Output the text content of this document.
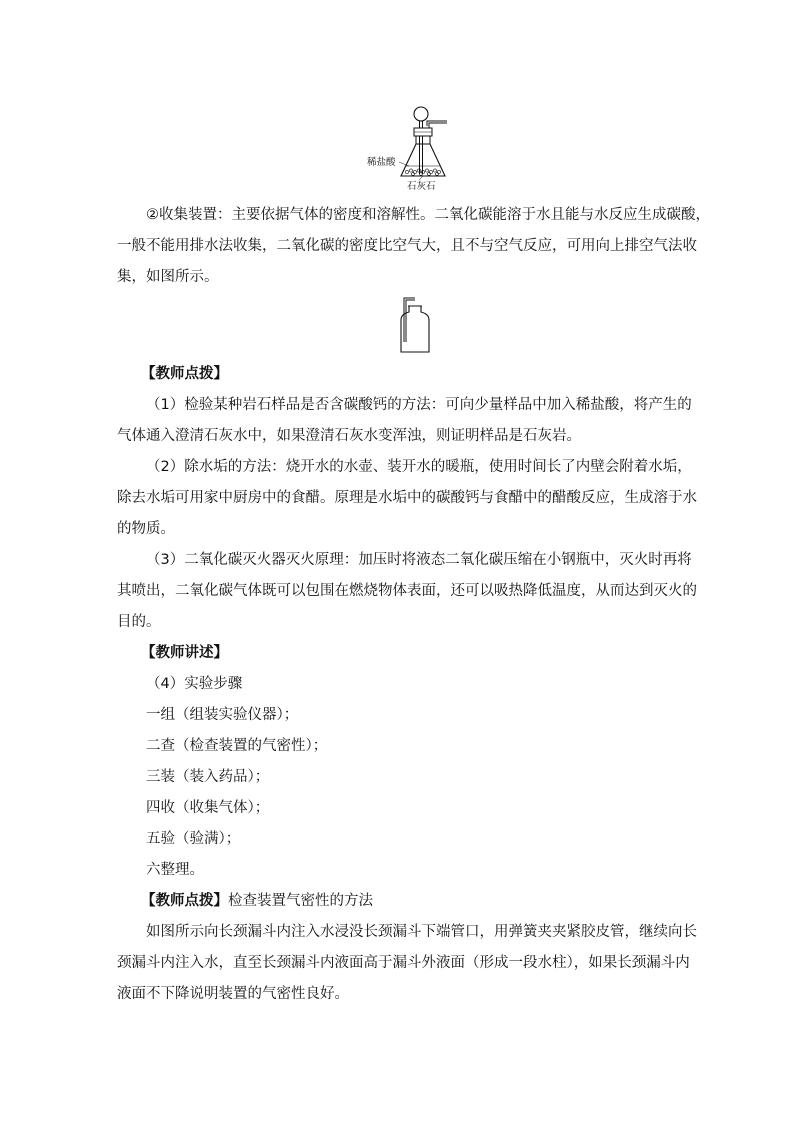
稀盐酸
石灰石
②收集装置：主要依据气体的密度和溶解性。二氧化碳能溶于水且能与水反应生成碳酸，
一般不能用排水法收集，二氧化碳的密度比空气大，且不与空气反应，可用向上排空气法收
集，如图所示。
【教师点拨】
（1）检验某种岩石样品是否含碳酸钙的方法：可向少量样品中加入稀盐酸，将产生的
气体通入澄清石灰水中，如果澄清石灰水变浑浊，则证明样品是石灰岩。
（2）除水垢的方法：烧开水的水壶、装开水的暖瓶，使用时间长了内壁会附着水垢，
除去水垢可用家中厨房中的食醋。原理是水垢中的碳酸钙与食醋中的醋酸反应，生成溶于水
的物质。
（3）二氧化碳灭火器灭火原理：加压时将液态二氧化碳压缩在小钢瓶中，灭火时再将
其喷出，二氧化碳气体既可以包围在燃烧物体表面，还可以吸热降低温度，从而达到灭火的
目的。
【教师讲述】
（4）实验步骤
一组（组装实验仪器）；
二查（检查装置的气密性）；
三装（装入药品）；
四收（收集气体）；
五验（验满）；
六整理。
【教师点拨】检查装置气密性的方法
如图所示向长颈漏斗内注入水浸没长颈漏斗下端管口，用弹簧夹夹紧胶皮管，继续向长
颈漏斗内注入水，直至长颈漏斗内液面高于漏斗外液面（形成一段水柱），如果长颈漏斗内
液面不下降说明装置的气密性良好。
